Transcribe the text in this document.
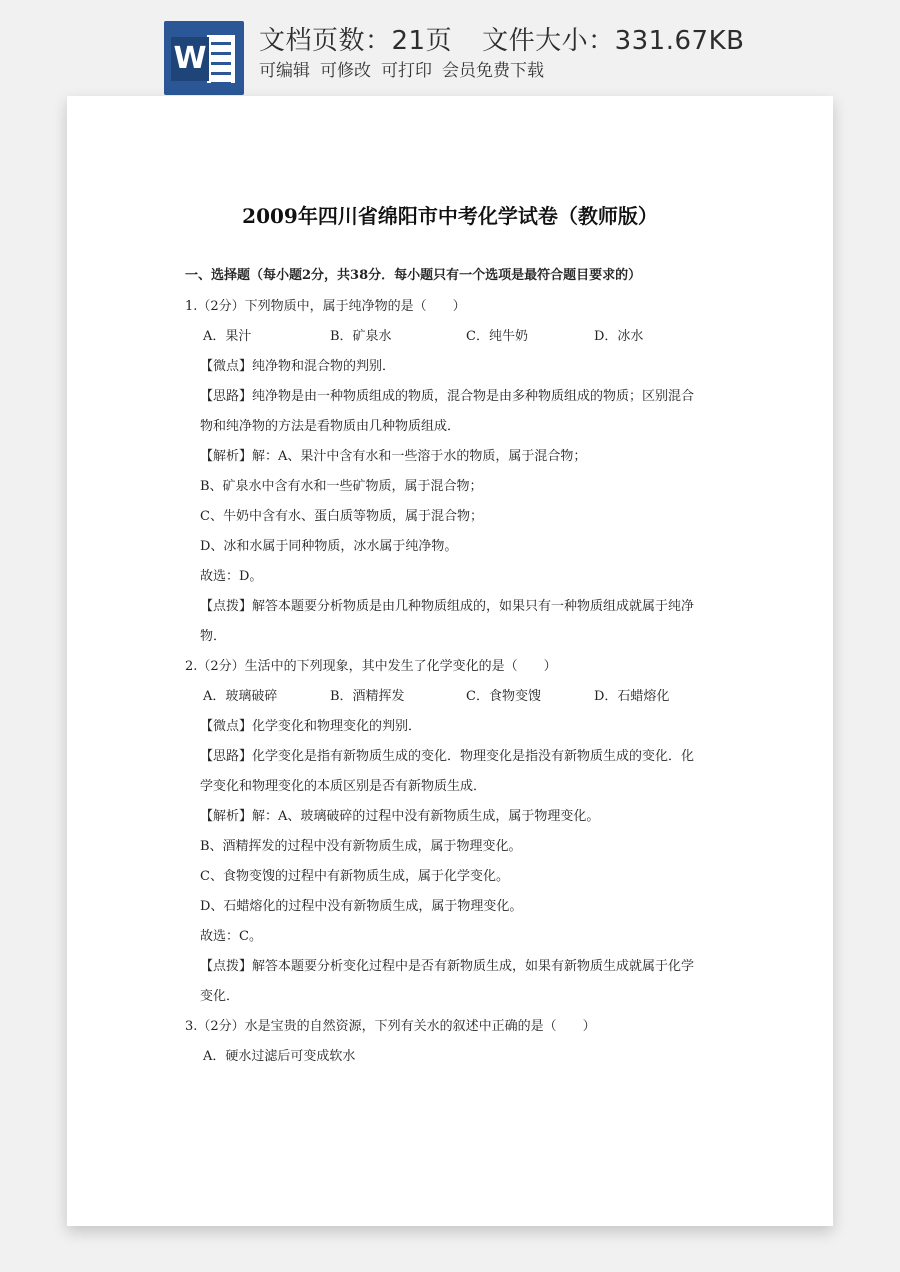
W 文档页数：21页 文件大小：331.67KB
可编辑 可修改 可打印 会员免费下载
2009年四川省绵阳市中考化学试卷（教师版）
一、选择题（每小题2分，共38分．每小题只有一个选项是最符合题目要求的）
1.（2分）下列物质中，属于纯净物的是（　　）
A．果汁	B．矿泉水	C．纯牛奶	D．冰水
【微点】纯净物和混合物的判别．
【思路】纯净物是由一种物质组成的物质，混合物是由多种物质组成的物质；区别混合
物和纯净物的方法是看物质由几种物质组成．
【解析】解：A、果汁中含有水和一些溶于水的物质，属于混合物；
B、矿泉水中含有水和一些矿物质，属于混合物；
C、牛奶中含有水、蛋白质等物质，属于混合物；
D、冰和水属于同种物质，冰水属于纯净物。
故选：D。
【点拨】解答本题要分析物质是由几种物质组成的，如果只有一种物质组成就属于纯净
物．
2.（2分）生活中的下列现象，其中发生了化学变化的是（　　）
A．玻璃破碎	B．酒精挥发	C．食物变馊	D．石蜡熔化
【微点】化学变化和物理变化的判别．
【思路】化学变化是指有新物质生成的变化．物理变化是指没有新物质生成的变化．化
学变化和物理变化的本质区别是否有新物质生成．
【解析】解：A、玻璃破碎的过程中没有新物质生成，属于物理变化。
B、酒精挥发的过程中没有新物质生成，属于物理变化。
C、食物变馊的过程中有新物质生成，属于化学变化。
D、石蜡熔化的过程中没有新物质生成，属于物理变化。
故选：C。
【点拨】解答本题要分析变化过程中是否有新物质生成，如果有新物质生成就属于化学
变化．
3.（2分）水是宝贵的自然资源，下列有关水的叙述中正确的是（　　）
A．硬水过滤后可变成软水
